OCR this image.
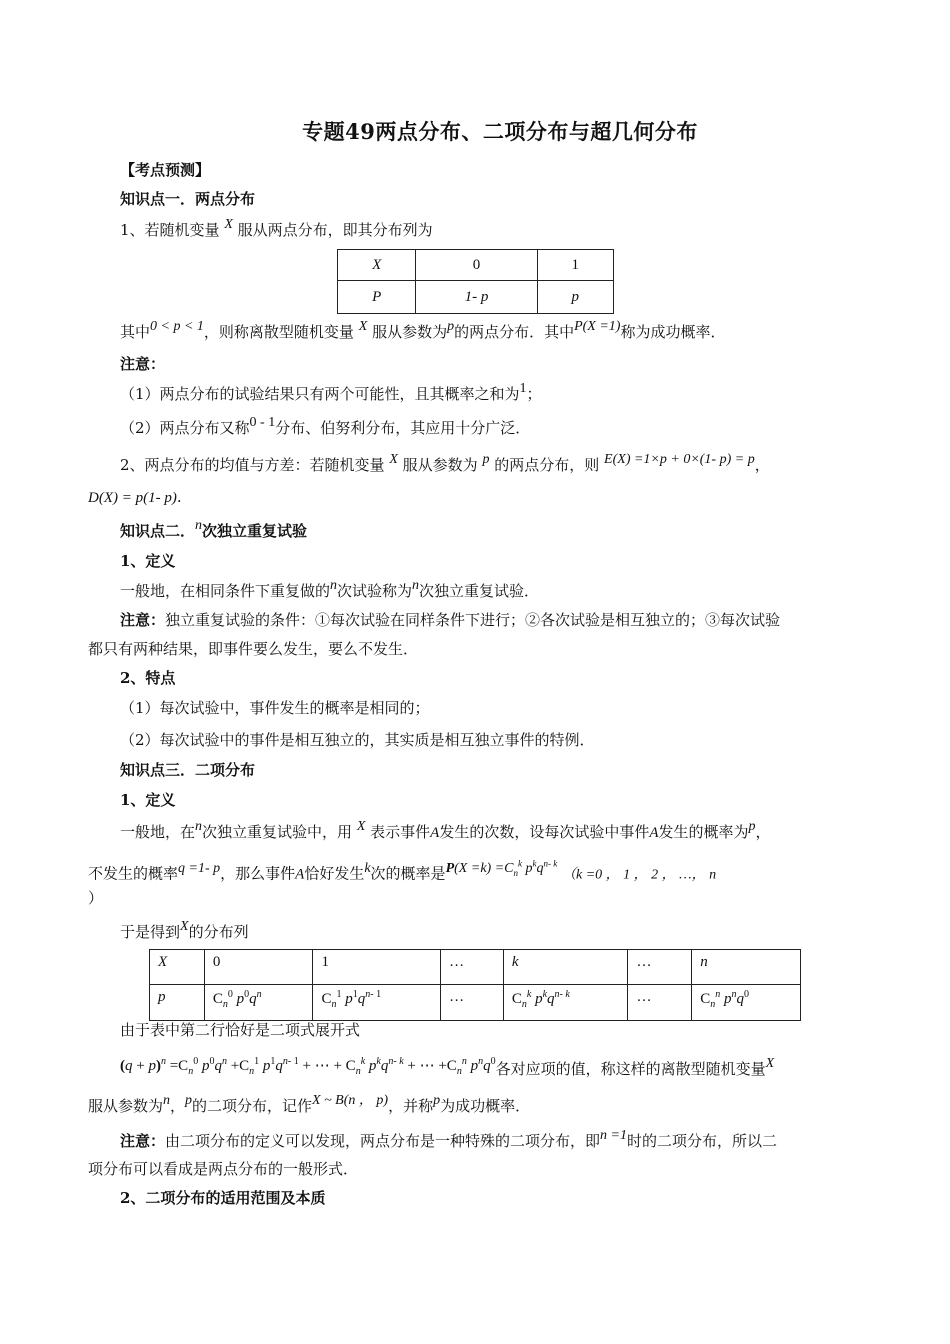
专题49两点分布、二项分布与超几何分布
【考点预测】
知识点一．两点分布
1、若随机变量 X 服从两点分布，即其分布列为
X	0	1
P	1- p	p
其中0 < p < 1，则称离散型随机变量 X 服从参数为p的两点分布．其中P(X =1)称为成功概率．
注意：
（1）两点分布的试验结果只有两个可能性，且其概率之和为1；
（2）两点分布又称0 - 1分布、伯努利分布，其应用十分广泛．
2、两点分布的均值与方差：若随机变量 X 服从参数为 p 的两点分布，则 E(X) =1×p + 0×(1- p) = p，
D(X) = p(1- p).
知识点二．n次独立重复试验
1、定义
一般地，在相同条件下重复做的n次试验称为n次独立重复试验．
注意：独立重复试验的条件：①每次试验在同样条件下进行；②各次试验是相互独立的；③每次试验
都只有两种结果，即事件要么发生，要么不发生．
2、特点
（1）每次试验中，事件发生的概率是相同的；
（2）每次试验中的事件是相互独立的，其实质是相互独立事件的特例．
知识点三．二项分布
1、定义
一般地，在n次独立重复试验中，用 X 表示事件A发生的次数，设每次试验中事件A发生的概率为p，
不发生的概率q =1- p，那么事件A恰好发生k次的概率是$P(X =k) =C_n^k$ $p^kq^{n- k}$ （k =0 ， 1 ， 2 ， …， n
）
于是得到X的分布列
X	0	1	…	k	…	n
p	$C_n^0$ $p^0q^n$	$C_n^1$ $p^1q^{n- 1}$	…	$C_n^k$ $p^kq^{n- k}$	…	$C_n^n$ $p^nq^0$
由于表中第二行恰好是二项式展开式
$(q + p)^n =C_n^0$ $p^0q^n +C_n^1$ $p^1q^{n- 1}$ + ⋯ + $C_n^k$ $p^kq^{n- k}$ + ⋯ $+C_n^n$ $p^nq^0$各对应项的值，称这样的离散型随机变量X
服从参数为n，p的二项分布，记作X ~ B(n ， p)，并称p为成功概率．
注意：由二项分布的定义可以发现，两点分布是一种特殊的二项分布，即n =1时的二项分布，所以二
项分布可以看成是两点分布的一般形式．
2、二项分布的适用范围及本质
